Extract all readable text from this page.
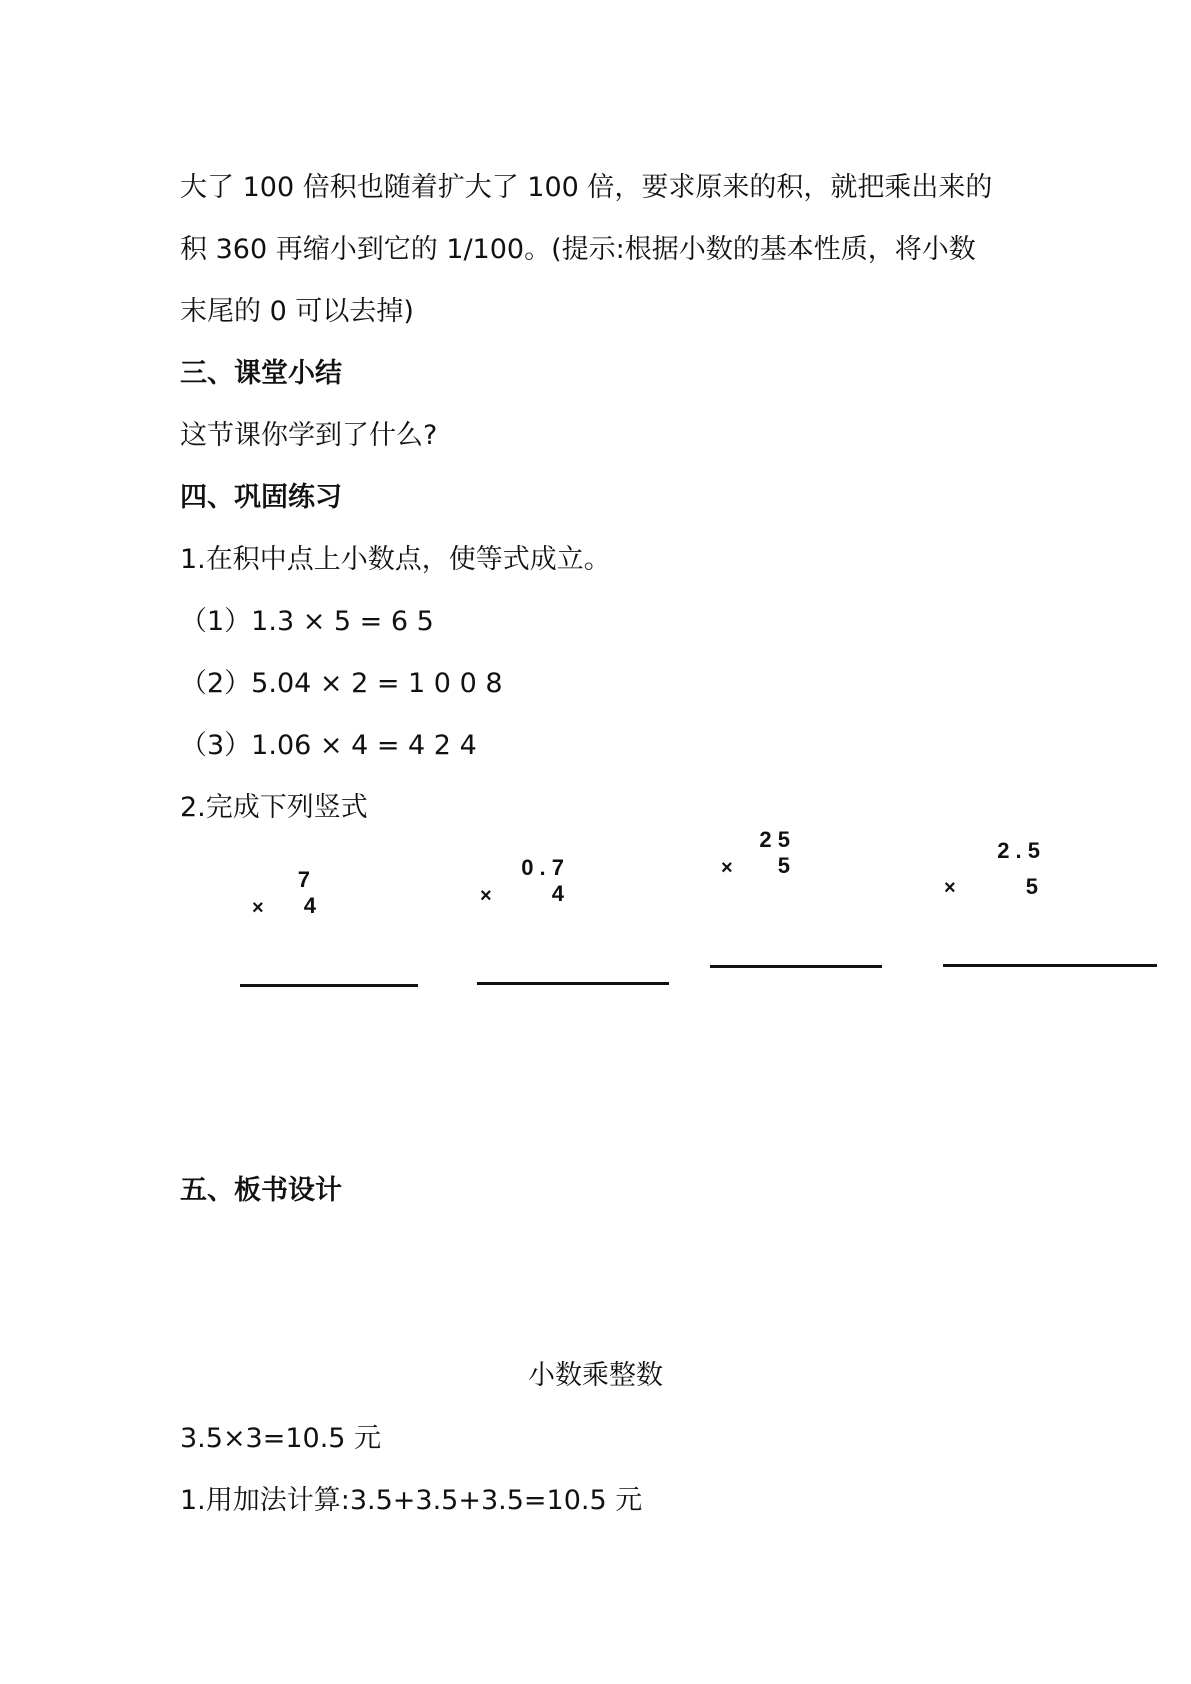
大了 100 倍积也随着扩大了 100 倍，要求原来的积，就把乘出来的
积 360 再缩小到它的 1/100。(提示:根据小数的基本性质，将小数
末尾的 0 可以去掉)
三、课堂小结
这节课你学到了什么?
四、巩固练习
1.在积中点上小数点，使等式成立。
（1）1.3 × 5 = 6 5
（2）5.04 × 2 = 1 0 0 8
（3）1.06 × 4 = 4 2 4
2.完成下列竖式
7
×	4
0 . 7
×	4
2 5
×	5
2 . 5
×	5
五、板书设计
小数乘整数
3.5×3=10.5 元
1.用加法计算:3.5+3.5+3.5=10.5 元
